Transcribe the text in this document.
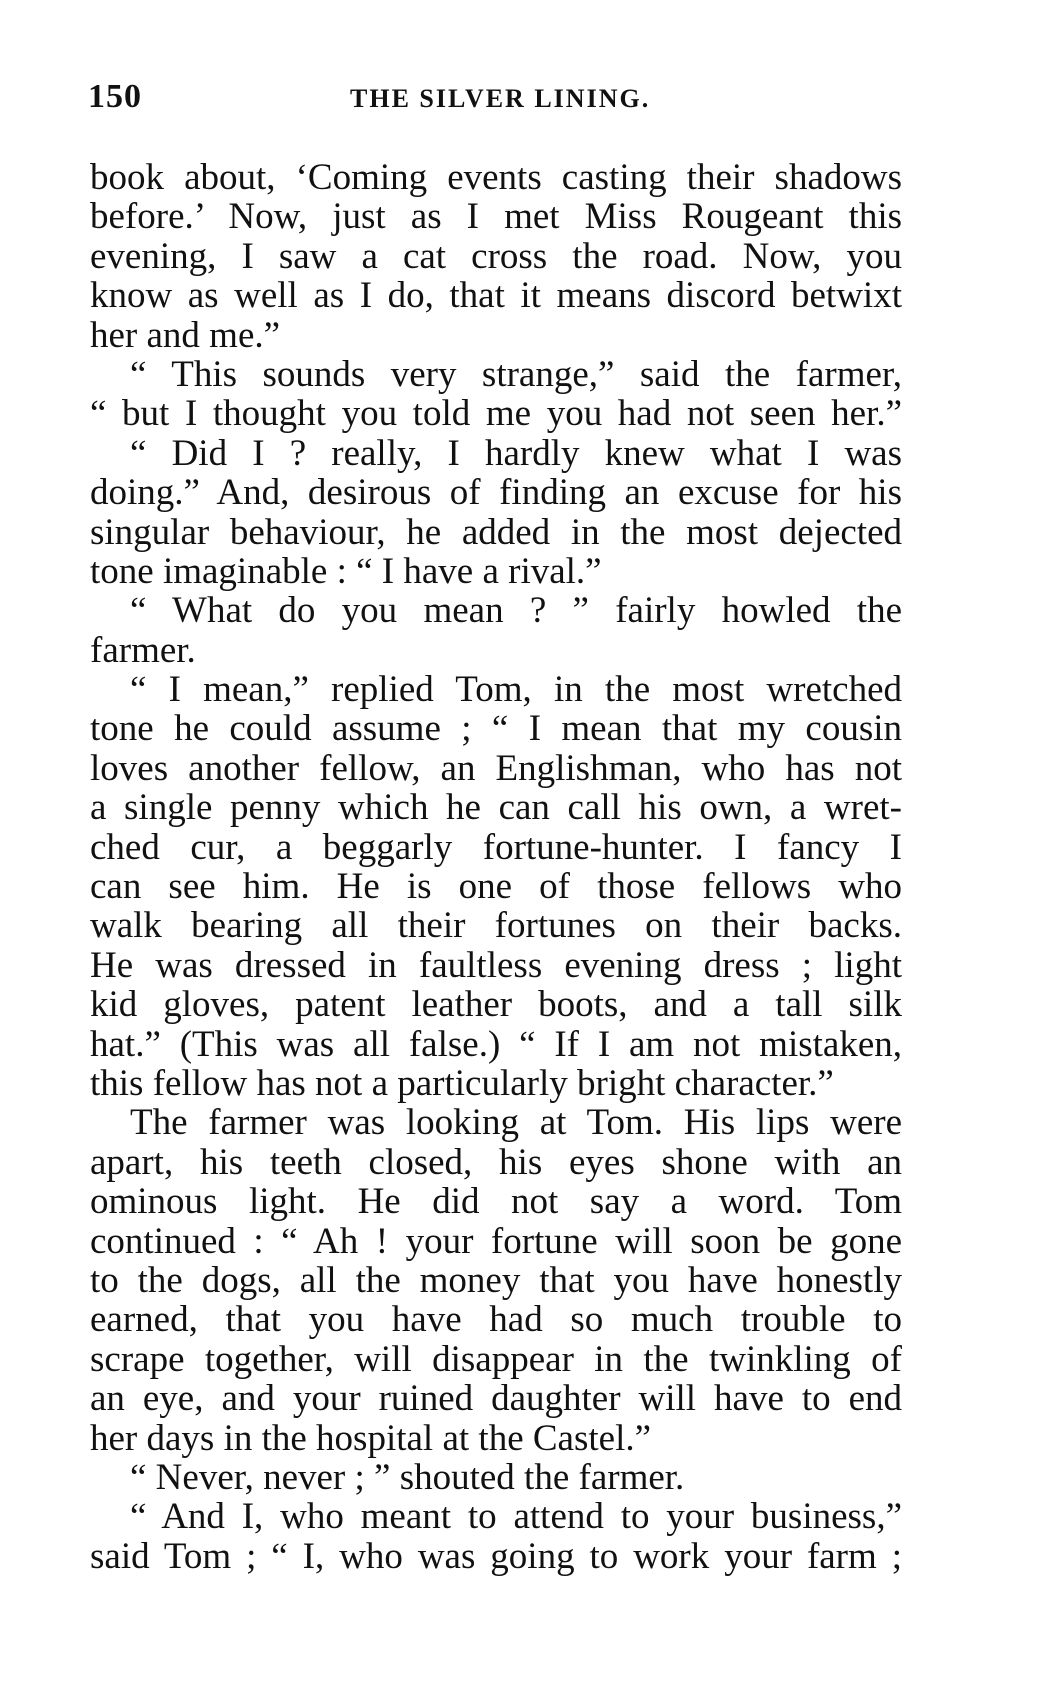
150	THE SILVER LINING.
book about, ‘Coming events casting their shadows
before.’ Now, just as I met Miss Rougeant this
evening, I saw a cat cross the road. Now, you
know as well as I do, that it means discord betwixt
her and me.”
“ This sounds very strange,” said the farmer,
“ but I thought you told me you had not seen her.”
“ Did I ? really, I hardly knew what I was
doing.” And, desirous of finding an excuse for his
singular behaviour, he added in the most dejected
tone imaginable : “ I have a rival.”
“ What do you mean ? ” fairly howled the
farmer.
“ I mean,” replied Tom, in the most wretched
tone he could assume ; “ I mean that my cousin
loves another fellow, an Englishman, who has not
a single penny which he can call his own, a wret-
ched cur, a beggarly fortune-hunter. I fancy I
can see him. He is one of those fellows who
walk bearing all their fortunes on their backs.
He was dressed in faultless evening dress ; light
kid gloves, patent leather boots, and a tall silk
hat.” (This was all false.) “ If I am not mistaken,
this fellow has not a particularly bright character.”
The farmer was looking at Tom. His lips were
apart, his teeth closed, his eyes shone with an
ominous light. He did not say a word. Tom
continued : “ Ah ! your fortune will soon be gone
to the dogs, all the money that you have honestly
earned, that you have had so much trouble to
scrape together, will disappear in the twinkling of
an eye, and your ruined daughter will have to end
her days in the hospital at the Castel.”
“ Never, never ; ” shouted the farmer.
“ And I, who meant to attend to your business,”
said Tom ; “ I, who was going to work your farm ;
